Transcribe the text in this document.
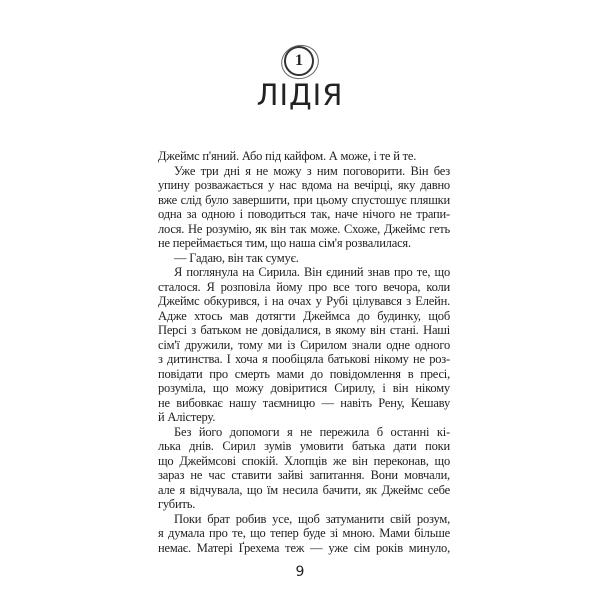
1
ЛІДІЯ
Джеймс п'яний. Або під кайфом. А може, і те й те.
Уже три дні я не можу з ним поговорити. Він без
упину розважається у нас вдома на вечірці, яку давно
вже слід було завершити, при цьому спустошує пляшки
одна за одною і поводиться так, наче нічого не трапи-
лося. Не розумію, як він так може. Схоже, Джеймс геть
не переймається тим, що наша сім'я розвалилася.
— Гадаю, він так сумує.
Я поглянула на Сирила. Він єдиний знав про те, що
сталося. Я розповіла йому про все того вечора, коли
Джеймс обкурився, і на очах у Рубі цілувався з Елейн.
Адже хтось мав дотягти Джеймса до будинку, щоб
Персі з батьком не довідалися, в якому він стані. Наші
сім'ї дружили, тому ми із Сирилом знали одне одного
з дитинства. І хоча я пообіцяла батькові нікому не роз-
повідати про смерть мами до повідомлення в пресі,
розуміла, що можу довіритися Сирилу, і він нікому
не вибовкає нашу таємницю — навіть Рену, Кешаву
й Алістеру.
Без його допомоги я не пережила б останні кі-
лька днів. Сирил зумів умовити батька дати поки
що Джеймсові спокій. Хлопців же він переконав, що
зараз не час ставити зайві запитання. Вони мовчали,
але я відчувала, що їм несила бачити, як Джеймс себе
губить.
Поки брат робив усе, щоб затуманити свій розум,
я думала про те, що тепер буде зі мною. Мами більше
немає. Матері Ґрехема теж — уже сім років минуло,
9
